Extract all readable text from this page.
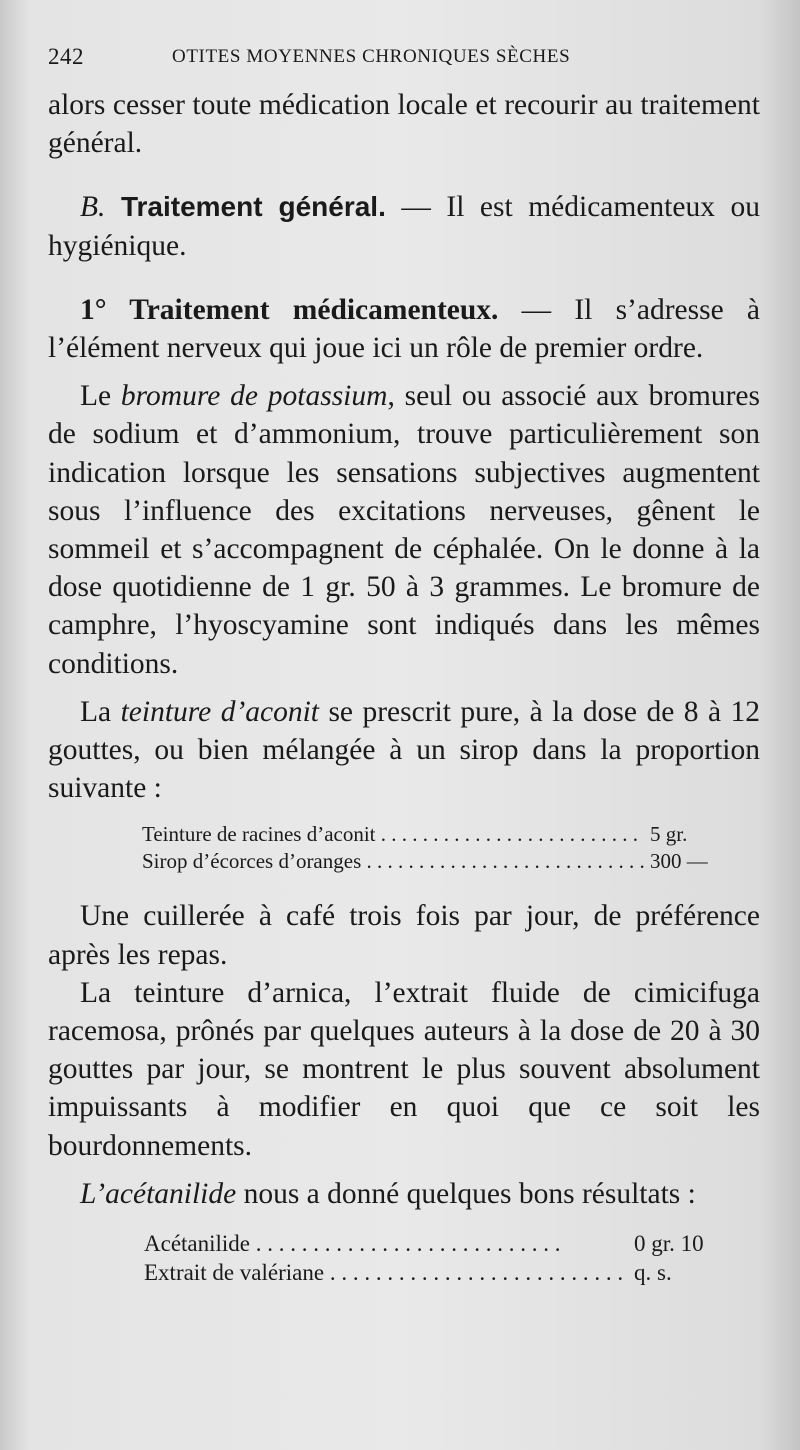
242	OTITES MOYENNES CHRONIQUES SÈCHES

alors cesser toute médication locale et recourir au traitement général.

B. Traitement général. — Il est médicamenteux ou hygiénique.

1° Traitement médicamenteux. — Il s’adresse à l’élément nerveux qui joue ici un rôle de premier ordre.

Le bromure de potassium, seul ou associé aux bromures de sodium et d’ammonium, trouve particulièrement son indication lorsque les sensations subjectives augmentent sous l’influence des excitations nerveuses, gênent le sommeil et s’accompagnent de céphalée. On le donne à la dose quotidienne de 1 gr. 50 à 3 grammes. Le bromure de camphre, l’hyoscyamine sont indiqués dans les mêmes conditions.

La teinture d’aconit se prescrit pure, à la dose de 8 à 12 gouttes, ou bien mélangée à un sirop dans la proportion suivante :

Teinture de racines d’aconit . . .	5 gr.
Sirop d’écorces d’oranges . . .	300 —

Une cuillerée à café trois fois par jour, de préférence après les repas.

La teinture d’arnica, l’extrait fluide de cimicifuga racemosa, prônés par quelques auteurs à la dose de 20 à 30 gouttes par jour, se montrent le plus souvent absolument impuissants à modifier en quoi que ce soit les bourdonnements.

L’acétanilide nous a donné quelques bons résultats :

Acétanilide . . .	0 gr. 10
Extrait de valériane . . .	q. s.
